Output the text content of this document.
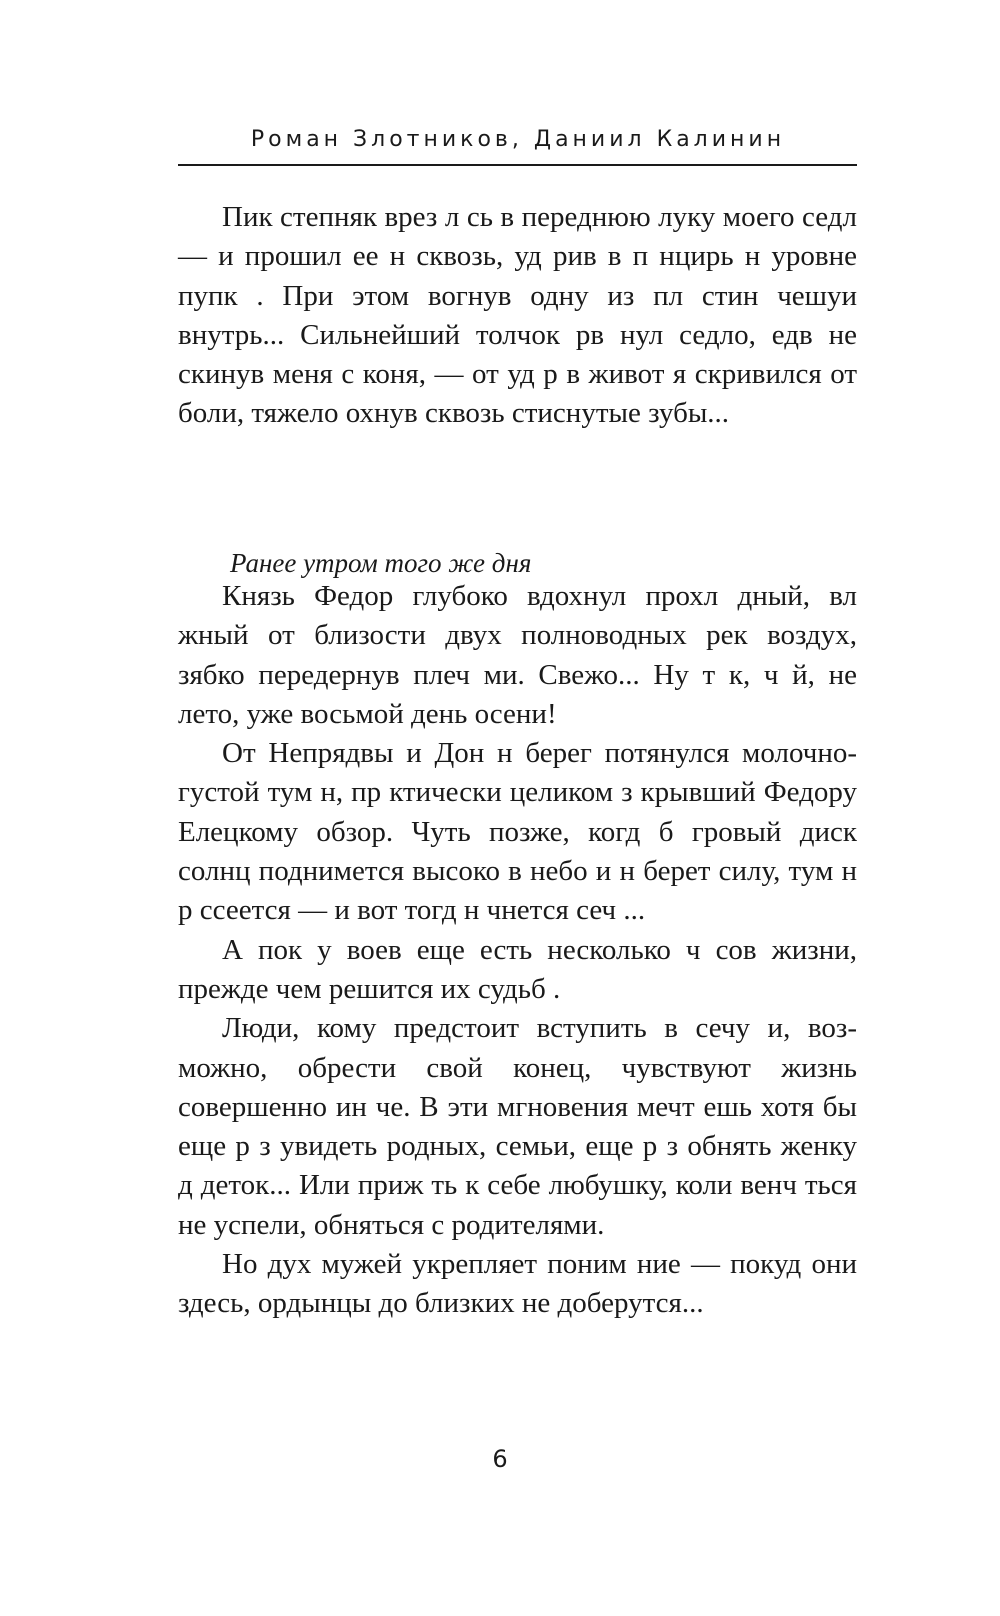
Роман Злотников, Даниил Калинин

Пик степняк врез л сь в переднюю луку моего седл — и прошил ее н сквозь, уд рив в п нцирь н уровне пупк . При этом вогнув одну из пл стин чешуи внутрь... Сильнейший толчок рв нул седло, едв не скинув меня с коня, — от уд р в живот я скривился от боли, тяжело охнув сквозь стиснутые зубы...

Ранее утром того же дня

Князь Федор глубоко вдохнул прохл дный, вл жный от близости двух полноводных рек воздух, зябко передернув плеч ми. Свежо... Ну т к, ч й, не лето, уже восьмой день осени!

От Непрядвы и Дон н берег потянулся молочно-густой тум н, пр ктически целиком з крывший Федору Елецкому обзор. Чуть позже, когд б гровый диск солнц поднимется высоко в небо и н берет силу, тум н р ссеется — и вот тогд н чнется сеч ...

А пок у воев еще есть несколько ч сов жизни, прежде чем решится их судьб .

Люди, кому предстоит вступить в сечу и, возможно, обрести свой конец, чувствуют жизнь совершенно ин че. В эти мгновения мечт ешь хотя бы еще р з увидеть родных, семьи, еще р з обнять женку д деток... Или приж ть к себе любушку, коли венч ться не успели, обняться с родителями.

Но дух мужей укрепляет поним ние — покуд они здесь, ордынцы до близких не доберутся...

6
